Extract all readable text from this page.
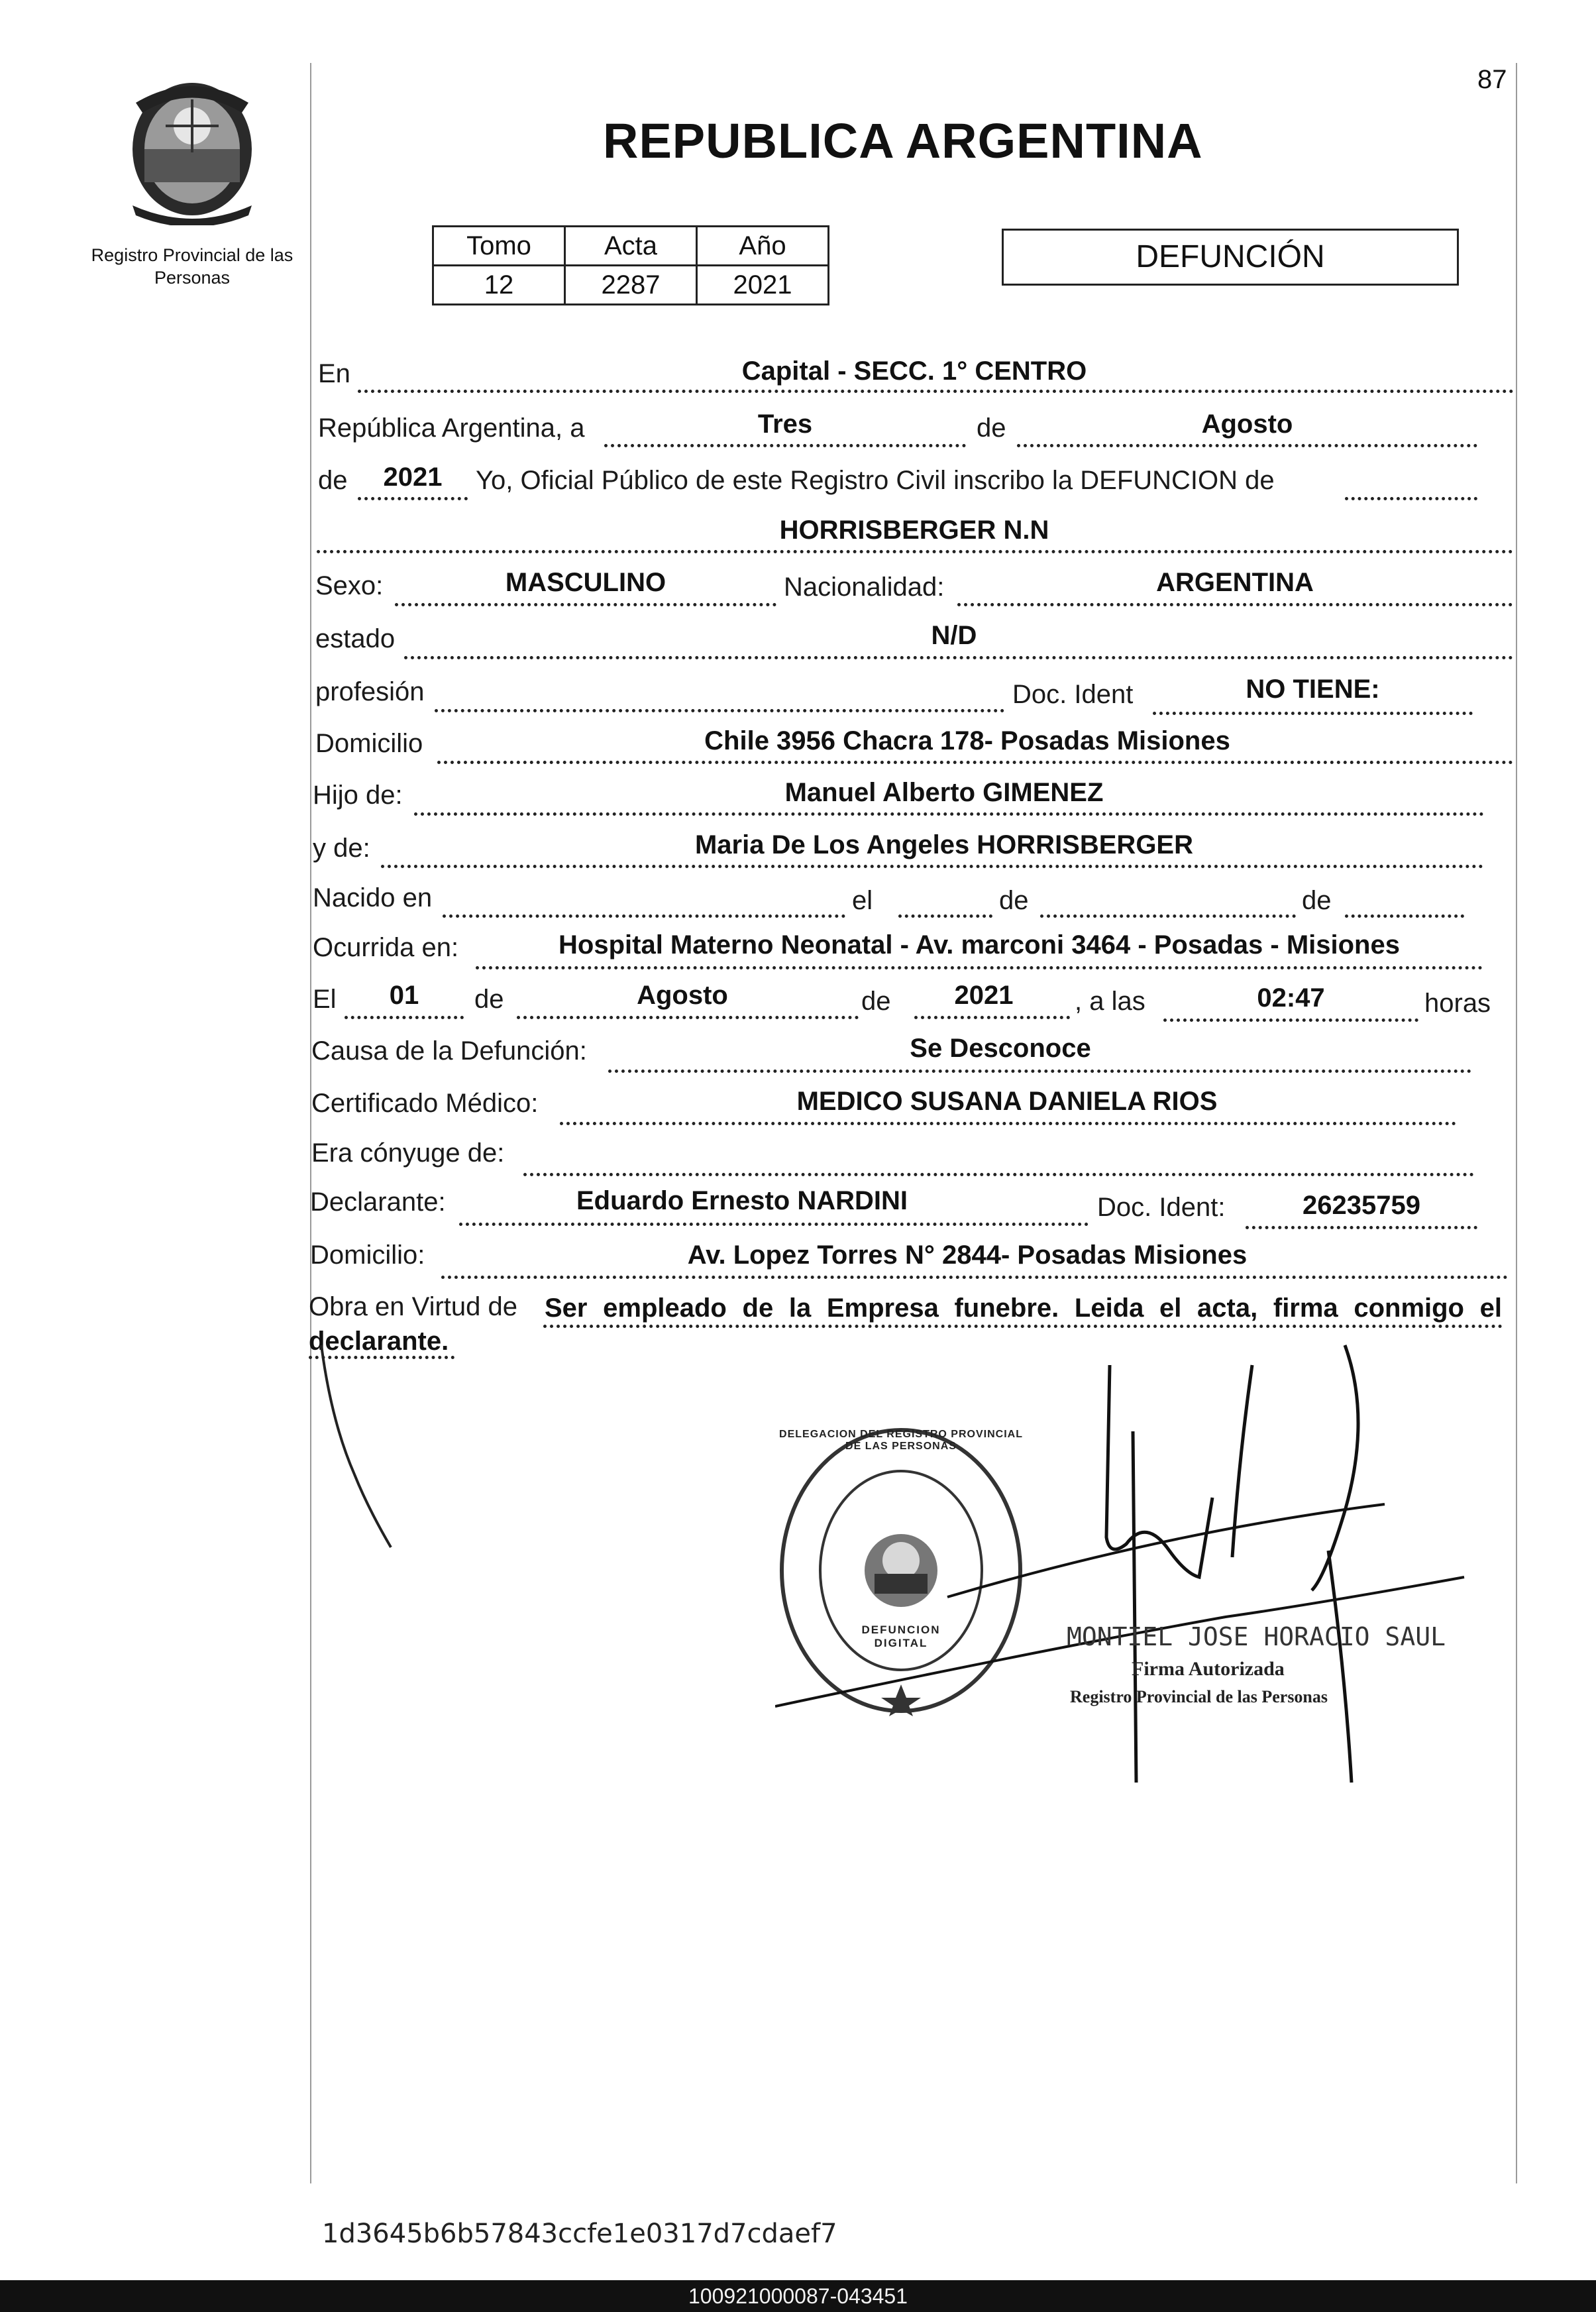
87
Registro Provincial de las Personas
REPUBLICA ARGENTINA
Tomo	Acta	Año
12	2287	2021
DEFUNCIÓN
En	Capital - SECC. 1° CENTRO
República Argentina, a	Tres	de	Agosto
de	2021	Yo, Oficial Público de este Registro Civil inscribo la DEFUNCION de
HORRISBERGER N.N
Sexo:	MASCULINO	Nacionalidad:	ARGENTINA
estado	N/D
profesión	Doc. Ident	NO TIENE:
Domicilio	Chile 3956 Chacra 178- Posadas Misiones
Hijo de:	Manuel Alberto GIMENEZ
y de:	Maria De Los Angeles HORRISBERGER
Nacido en	el	de	de
Ocurrida en:	Hospital Materno Neonatal - Av. marconi 3464 - Posadas - Misiones
El	01	de	Agosto	de	2021	, a las	02:47	horas
Causa de la Defunción:	Se Desconoce
Certificado Médico:	MEDICO SUSANA DANIELA RIOS
Era cónyuge de:
Declarante:	Eduardo Ernesto NARDINI	Doc. Ident:	26235759
Domicilio:	Av. Lopez Torres N° 2844- Posadas Misiones
Obra en Virtud de Ser empleado de la Empresa funebre. Leida el acta, firma conmigo el
declarante.
DELEGACION DEL REGISTRO PROVINCIAL DE LAS PERSONAS
DEFUNCION DIGITAL	MONTIEL JOSE HORACIO SAUL
Firma Autorizada
Registro Provincial de las Personas
1d3645b6b57843ccfe1e0317d7cdaef7
100921000087-043451
